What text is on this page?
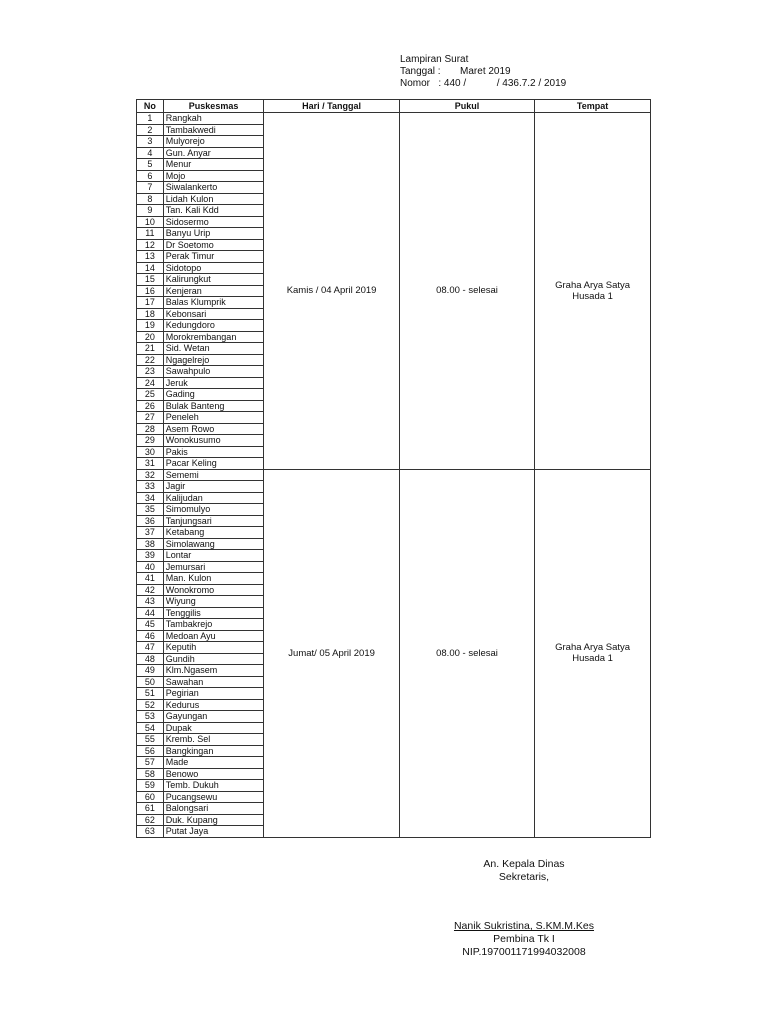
Lampiran Surat
Tanggal :       Maret 2019
Nomor   : 440 /           / 436.7.2 / 2019
No	Puskesmas	Hari / Tanggal	Pukul	Tempat
1	Rangkah	Kamis / 04 April 2019	08.00 - selesai	Graha Arya Satya
Husada 1

2	Tambakwedi			
3	Mulyorejo			
4	Gun. Anyar			
5	Menur			
6	Mojo			
7	Siwalankerto			
8	Lidah Kulon			
9	Tan. Kali Kdd			
10	Sidosermo			
11	Banyu Urip			
12	Dr Soetomo			
13	Perak Timur			
14	Sidotopo			
15	Kalirungkut			
16	Kenjeran			
17	Balas Klumprik			
18	Kebonsari			
19	Kedungdoro			
20	Morokrembangan			
21	Sid. Wetan			
22	Ngagelrejo			
23	Sawahpulo			
24	Jeruk			
25	Gading			
26	Bulak Banteng			
27	Peneleh			
28	Asem Rowo			
29	Wonokusumo			
30	Pakis			
31	Pacar Keling			
32	Sememi	Jumat/ 05 April 2019	08.00 - selesai	Graha Arya Satya
Husada 1

33	Jagir			
34	Kalijudan			
35	Simomulyo			
36	Tanjungsari			
37	Ketabang			
38	Simolawang			
39	Lontar			
40	Jemursari			
41	Man. Kulon			
42	Wonokromo			
43	Wiyung			
44	Tenggilis			
45	Tambakrejo			
46	Medoan Ayu			
47	Keputih			
48	Gundih			
49	Klm.Ngasem			
50	Sawahan			
51	Pegirian			
52	Kedurus			
53	Gayungan			
54	Dupak			
55	Kremb. Sel			
56	Bangkingan			
57	Made			
58	Benowo			
59	Temb. Dukuh			
60	Pucangsewu			
61	Balongsari			
62	Duk. Kupang			
63	Putat Jaya			
An. Kepala Dinas
Sekretaris,
Nanik Sukristina, S.KM.M.Kes
Pembina Tk I
NIP.197001171994032008
